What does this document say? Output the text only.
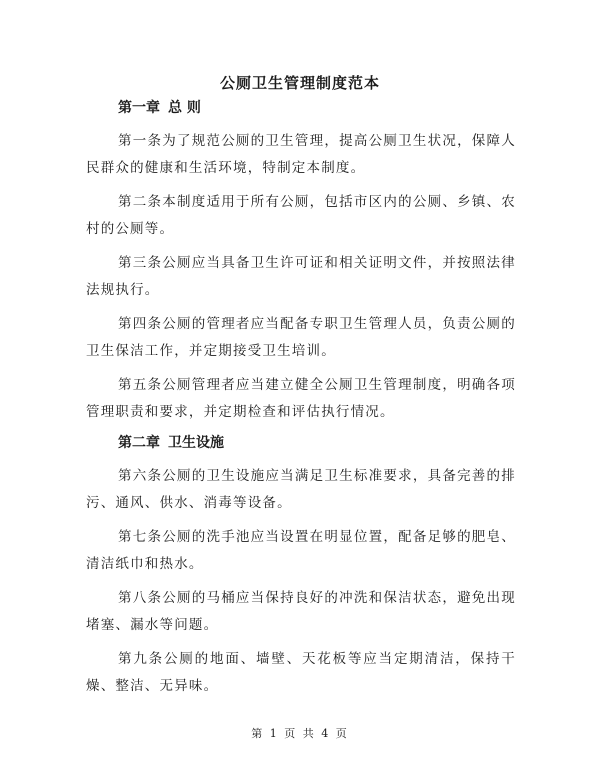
公厕卫生管理制度范本
第一章 总 则

第一条为了规范公厕的卫生管理，提高公厕卫生状况，保障人民群众的健康和生活环境，特制定本制度。

第二条本制度适用于所有公厕，包括市区内的公厕、乡镇、农村的公厕等。

第三条公厕应当具备卫生许可证和相关证明文件，并按照法律法规执行。

第四条公厕的管理者应当配备专职卫生管理人员，负责公厕的卫生保洁工作，并定期接受卫生培训。

第五条公厕管理者应当建立健全公厕卫生管理制度，明确各项管理职责和要求，并定期检查和评估执行情况。

第二章 卫生设施

第六条公厕的卫生设施应当满足卫生标准要求，具备完善的排污、通风、供水、消毒等设备。

第七条公厕的洗手池应当设置在明显位置，配备足够的肥皂、清洁纸巾和热水。

第八条公厕的马桶应当保持良好的冲洗和保洁状态，避免出现堵塞、漏水等问题。

第九条公厕的地面、墙壁、天花板等应当定期清洁，保持干燥、整洁、无异味。

第 1 页 共 4 页
